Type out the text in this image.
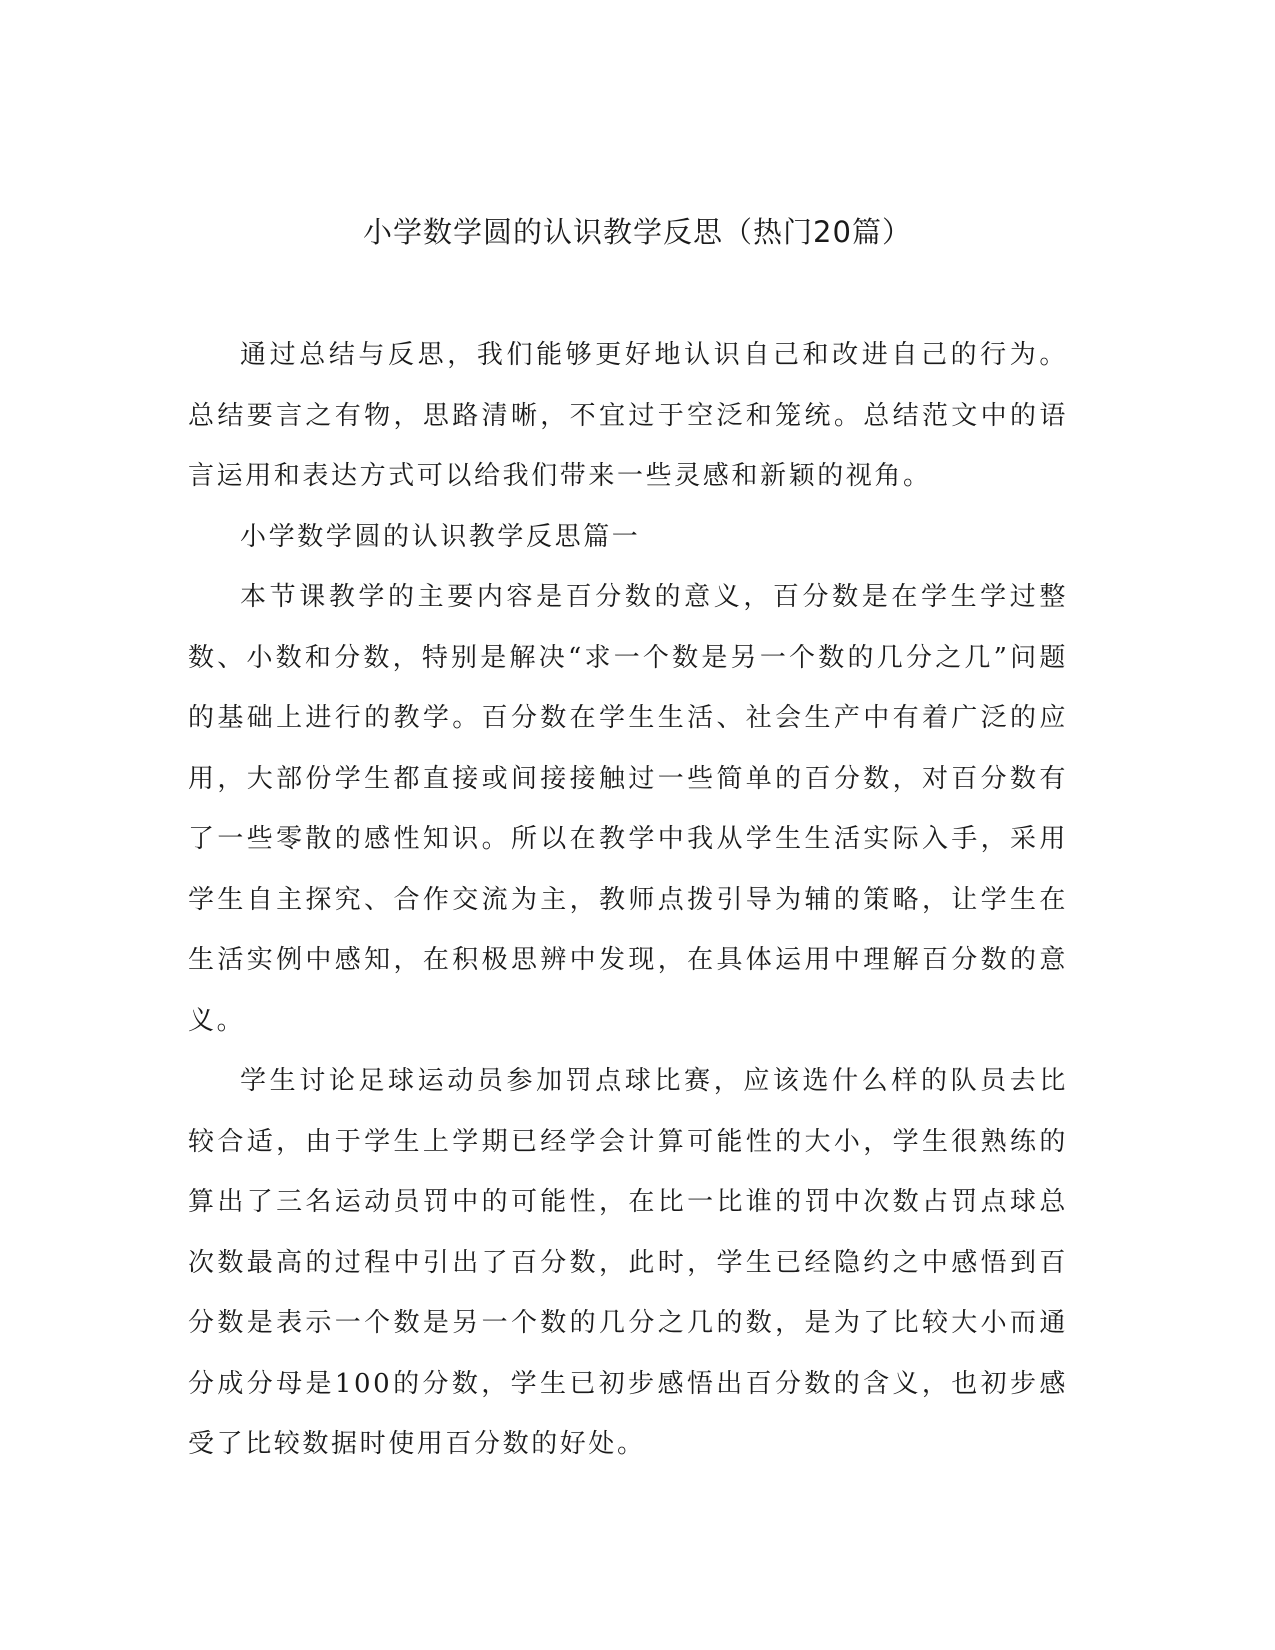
小学数学圆的认识教学反思（热门20篇）

通过总结与反思，我们能够更好地认识自己和改进自己的行为。总结要言之有物，思路清晰，不宜过于空泛和笼统。总结范文中的语言运用和表达方式可以给我们带来一些灵感和新颖的视角。

小学数学圆的认识教学反思篇一

本节课教学的主要内容是百分数的意义，百分数是在学生学过整数、小数和分数，特别是解决“求一个数是另一个数的几分之几”问题的基础上进行的教学。百分数在学生生活、社会生产中有着广泛的应用，大部份学生都直接或间接接触过一些简单的百分数，对百分数有了一些零散的感性知识。所以在教学中我从学生生活实际入手，采用学生自主探究、合作交流为主，教师点拨引导为辅的策略，让学生在生活实例中感知，在积极思辨中发现，在具体运用中理解百分数的意义。

学生讨论足球运动员参加罚点球比赛，应该选什么样的队员去比较合适，由于学生上学期已经学会计算可能性的大小，学生很熟练的算出了三名运动员罚中的可能性，在比一比谁的罚中次数占罚点球总次数最高的过程中引出了百分数，此时，学生已经隐约之中感悟到百分数是表示一个数是另一个数的几分之几的数，是为了比较大小而通分成分母是100的分数，学生已初步感悟出百分数的含义，也初步感受了比较数据时使用百分数的好处。
